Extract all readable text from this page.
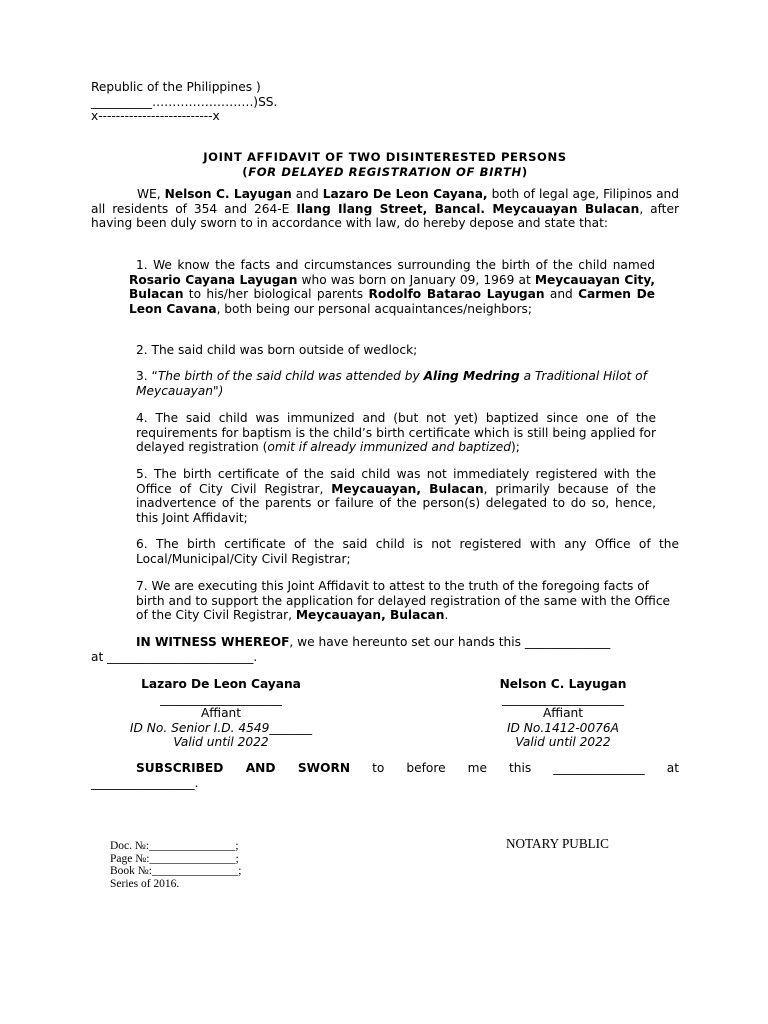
Republic of the Philippines )
__________…………………….)SS.
x--------------------------x
JOINT AFFIDAVIT OF TWO DISINTERESTED PERSONS
(FOR DELAYED REGISTRATION OF BIRTH)
WE, Nelson C. Layugan and Lazaro De Leon Cayana, both of legal age, Filipinos and all residents of 354 and 264-E Ilang Ilang Street, Bancal. Meycauayan Bulacan, after having been duly sworn to in accordance with law, do hereby depose and state that:
1. We know the facts and circumstances surrounding the birth of the child named Rosario Cayana Layugan who was born on January 09, 1969 at Meycauayan City, Bulacan to his/her biological parents Rodolfo Batarao Layugan and Carmen De Leon Cavana, both being our personal acquaintances/neighbors;
2. The said child was born outside of wedlock;
3. “The birth of the said child was attended by Aling Medring a Traditional Hilot of Meycauayan")
4. The said child was immunized and (but not yet) baptized since one of the requirements for baptism is the child’s birth certificate which is still being applied for delayed registration (omit if already immunized and baptized);
5. The birth certificate of the said child was not immediately registered with the Office of City Civil Registrar, Meycauayan, Bulacan, primarily because of the inadvertence of the parents or failure of the person(s) delegated to do so, hence, this Joint Affidavit;
6. The birth certificate of the said child is not registered with any Office of the Local/Municipal/City Civil Registrar;
7. We are executing this Joint Affidavit to attest to the truth of the foregoing facts of birth and to support the application for delayed registration of the same with the Office of the City Civil Registrar, Meycauayan, Bulacan.
IN WITNESS WHEREOF, we have hereunto set our hands this ______________
at ________________________.
Lazaro De Leon Cayana
____________________
Affiant
ID No. Senior I.D. 4549_______
Valid until 2022
Nelson C. Layugan
____________________
Affiant
ID No.1412-0076A
Valid until 2022
SUBSCRIBED AND SWORN to before me this _______________ at
_________________.
Doc. №:_______________;
Page №:_______________;
Book №:_______________;
Series of 2016.
NOTARY PUBLIC
